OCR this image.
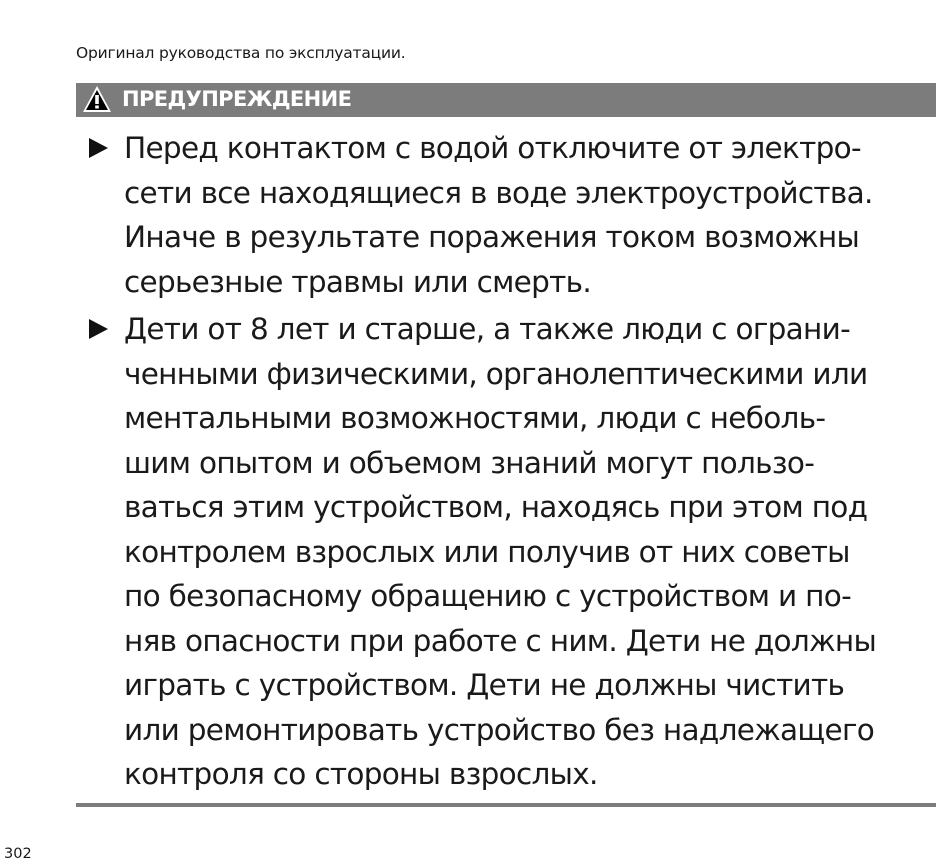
Оригинал руководства по эксплуатации.
ПРЕДУПРЕЖДЕНИЕ
Перед контактом с водой отключите от электро-
сети все находящиеся в воде электроустройства.
Иначе в результате поражения током возможны
серьезные травмы или смерть.
Дети от 8 лет и старше, а также люди с ограни-
ченными физическими, органолептическими или
ментальными возможностями, люди с неболь-
шим опытом и объемом знаний могут пользо-
ваться этим устройством, находясь при этом под
контролем взрослых или получив от них советы
по безопасному обращению с устройством и по-
няв опасности при работе с ним. Дети не должны
играть с устройством. Дети не должны чистить
или ремонтировать устройство без надлежащего
контроля со стороны взрослых.
302
